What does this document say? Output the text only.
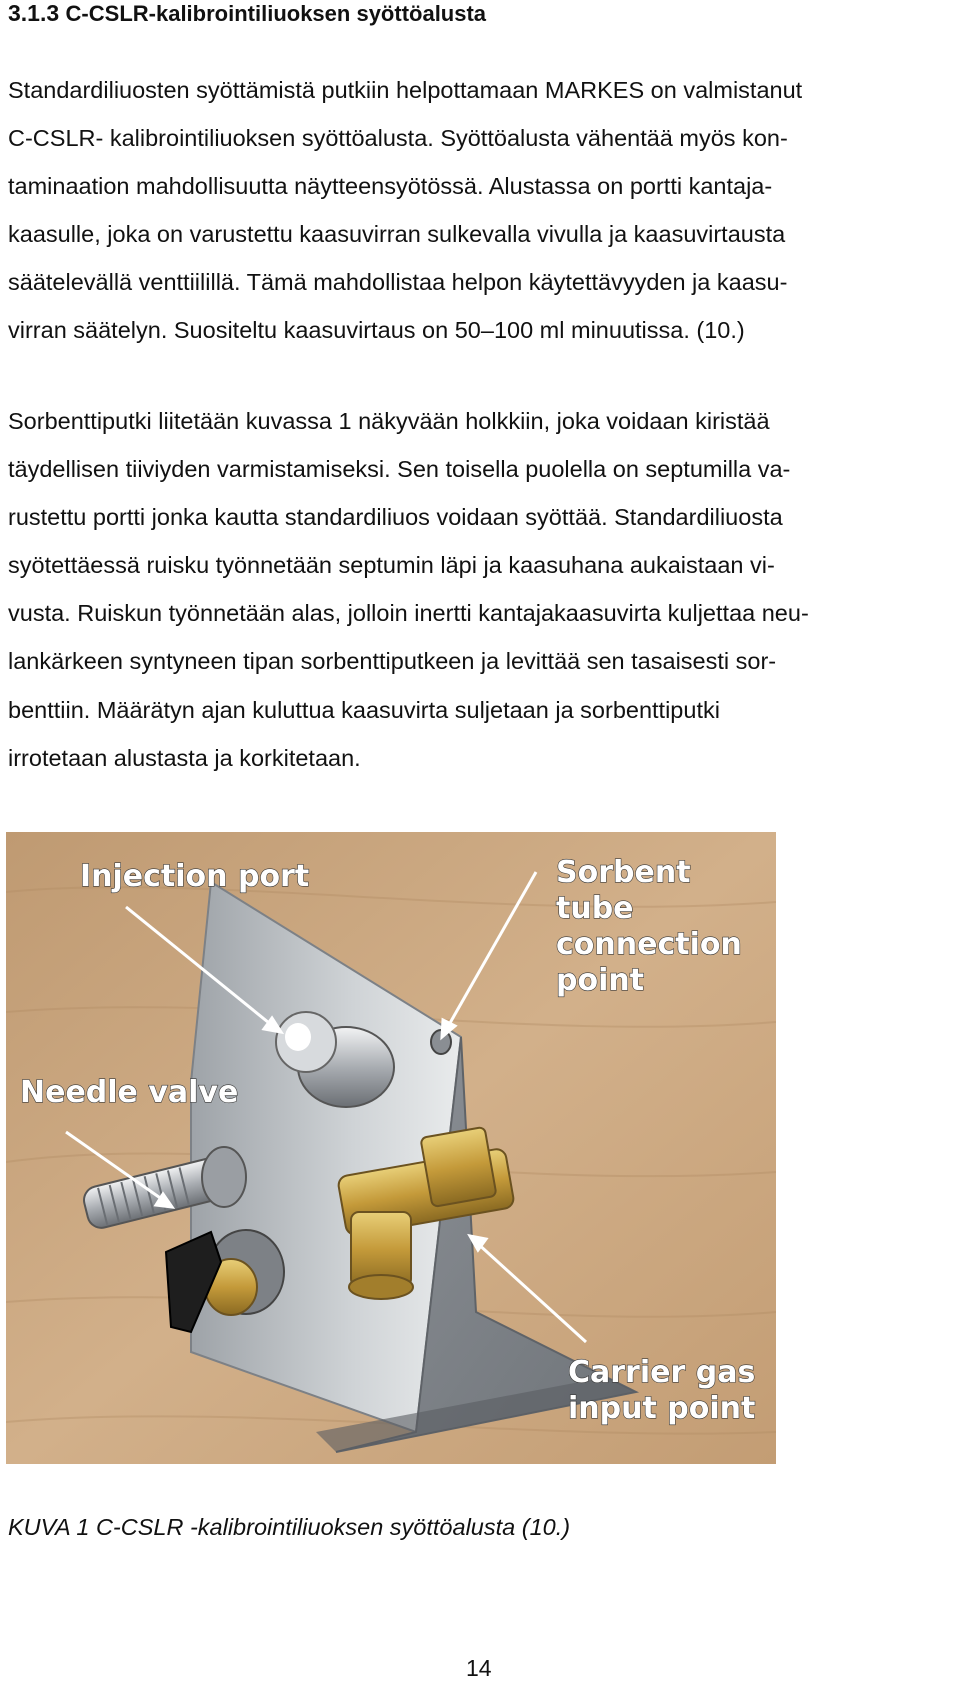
3.1.3 C-CSLR-kalibrointiliuoksen syöttöalusta
Standardiliuosten syöttämistä putkiin helpottamaan MARKES on valmistanut
C-CSLR- kalibrointiliuoksen syöttöalusta. Syöttöalusta vähentää myös kon-
taminaation mahdollisuutta näytteensyötössä. Alustassa on portti kantaja-
kaasulle, joka on varustettu kaasuvirran sulkevalla vivulla ja kaasuvirtausta
säätelevällä venttiilillä. Tämä mahdollistaa helpon käytettävyyden ja kaasu-
virran säätelyn. Suositeltu kaasuvirtaus on 50–100 ml minuutissa. (10.)
Sorbenttiputki liitetään kuvassa 1 näkyvään holkkiin, joka voidaan kiristää
täydellisen tiiviyden varmistamiseksi. Sen toisella puolella on septumilla va-
rustettu portti jonka kautta standardiliuos voidaan syöttää. Standardiliuosta
syötettäessä ruisku työnnetään septumin läpi ja kaasuhana aukaistaan vi-
vusta. Ruiskun työnnetään alas, jolloin inertti kantajakaasuvirta kuljettaa neu-
lankärkeen syntyneen tipan sorbenttiputkeen ja levittää sen tasaisesti sor-
benttiin. Määrätyn ajan kuluttua kaasuvirta suljetaan ja sorbenttiputki
irrotetaan alustasta ja korkitetaan.
Injection port	Sorbent
tube
connection
point
Needle valve
Carrier gas
input point
KUVA 1 C-CSLR -kalibrointiliuoksen syöttöalusta (10.)
14
